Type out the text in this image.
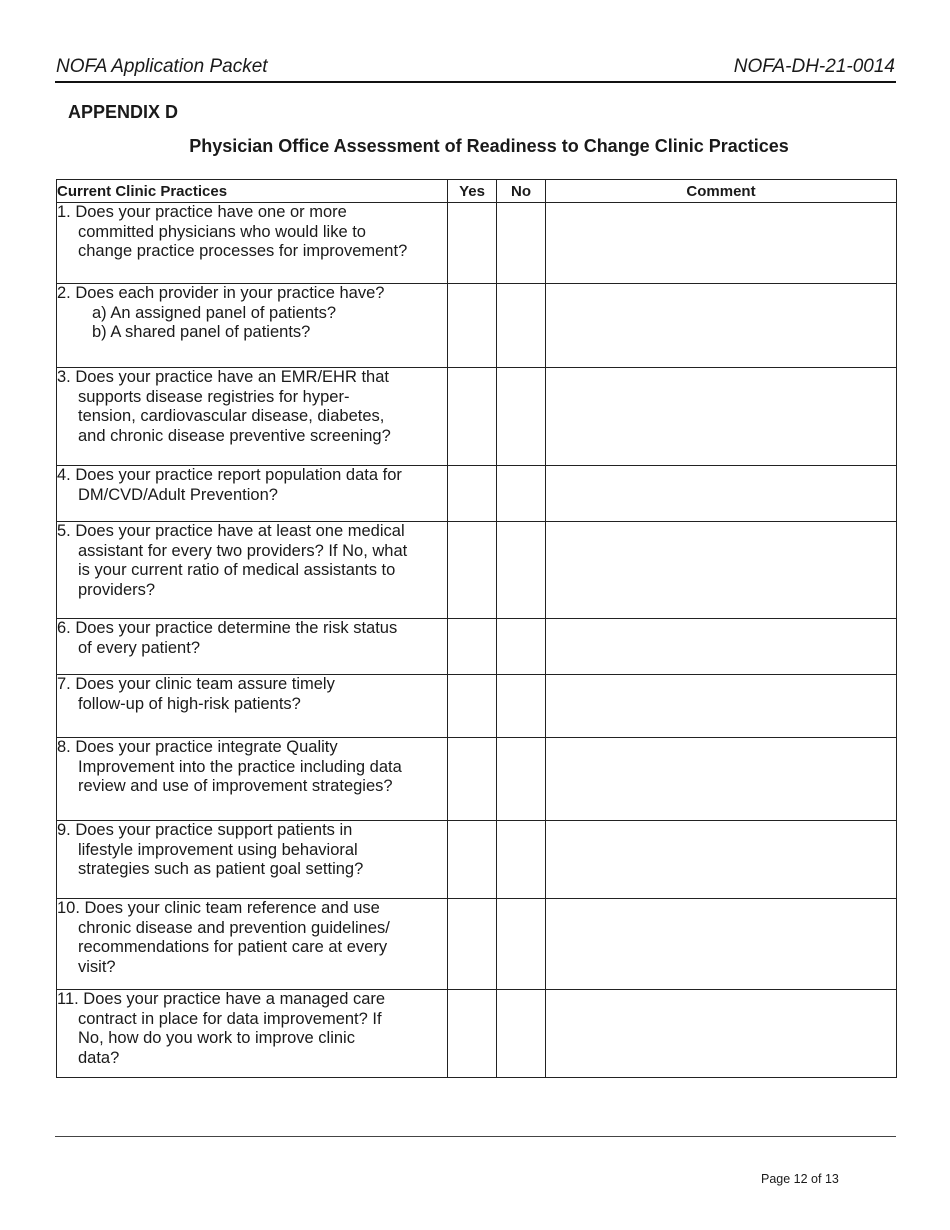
NOFA Application Packet	NOFA-DH-21-0014
APPENDIX D
Physician Office Assessment of Readiness to Change Clinic Practices
Current Clinic Practices	Yes	No	Comment

1. Does your practice have one or more
committed physicians who would like to
change practice processes for improvement?			

2. Does each provider in your practice have?
a) An assigned panel of patients?
b) A shared panel of patients?			

3. Does your practice have an EMR/EHR that
supports disease registries for hyper-
tension, cardiovascular disease, diabetes,
and chronic disease preventive screening?			

4. Does your practice report population data for
DM/CVD/Adult Prevention?			

5. Does your practice have at least one medical
assistant for every two providers? If No, what
is your current ratio of medical assistants to
providers?			

6. Does your practice determine the risk status
of every patient?			

7. Does your clinic team assure timely
follow-up of high-risk patients?			

8. Does your practice integrate Quality
Improvement into the practice including data
review and use of improvement strategies?			

9. Does your practice support patients in
lifestyle improvement using behavioral
strategies such as patient goal setting?			

10. Does your clinic team reference and use
chronic disease and prevention guidelines/
recommendations for patient care at every
visit?			

11. Does your practice have a managed care
contract in place for data improvement? If
No, how do you work to improve clinic
data?			

Page 12 of 13
